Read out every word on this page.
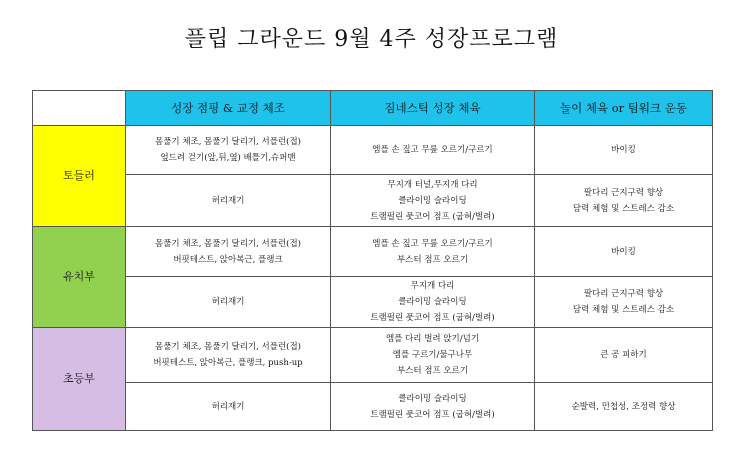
플립 그라운드 9월 4주 성장프로그램
	성장 점핑 & 교정 체조	짐네스틱 성장 체육	놀이 체육 or 팀워크 운동
토들러	몸풀기 체조, 몸풀기 달리기, 서플런(접)
엎드려 걷기(앞,뒤,옆) 배틀기,슈퍼맨	엠플 손 짚고 무릎 오르기/구르기	바이킹

	허리재기	무지개 터널,무지개 다리
클라이밍 슬라이딩
트램펄린 풋코어 점프 (굽혀/벌려)	팔다리 근지구력 향상
담력 체험 및 스트레스 감소

유치부	몸풀기 체조, 몸풀기 달리기, 서플런(접)
버핏테스트, 앉아복근, 플랭크	엠플 손 짚고 무릎 오르기/구르기
부스터 점프 오르기	바이킹

	허리재기	무지개 다리
클라이밍 슬라이딩
트램펄린 풋코어 점프 (굽혀/벌려)	팔다리 근지구력 향상
담력 체험 및 스트레스 감소

초등부	몸풀기 체조, 몸풀기 달리기, 서플런(접)
버핏테스트, 앉아복근, 플랭크, push-up	엠플 다리 벌려 앉기/넘기
엠플 구르기/물구나무
부스터 점프 오르기	큰 공 피하기

	허리재기	클라이밍 슬라이딩
트램펄린 풋코어 점프 (굽혀/벌려)	순발력, 민첩성, 조정력 향상
